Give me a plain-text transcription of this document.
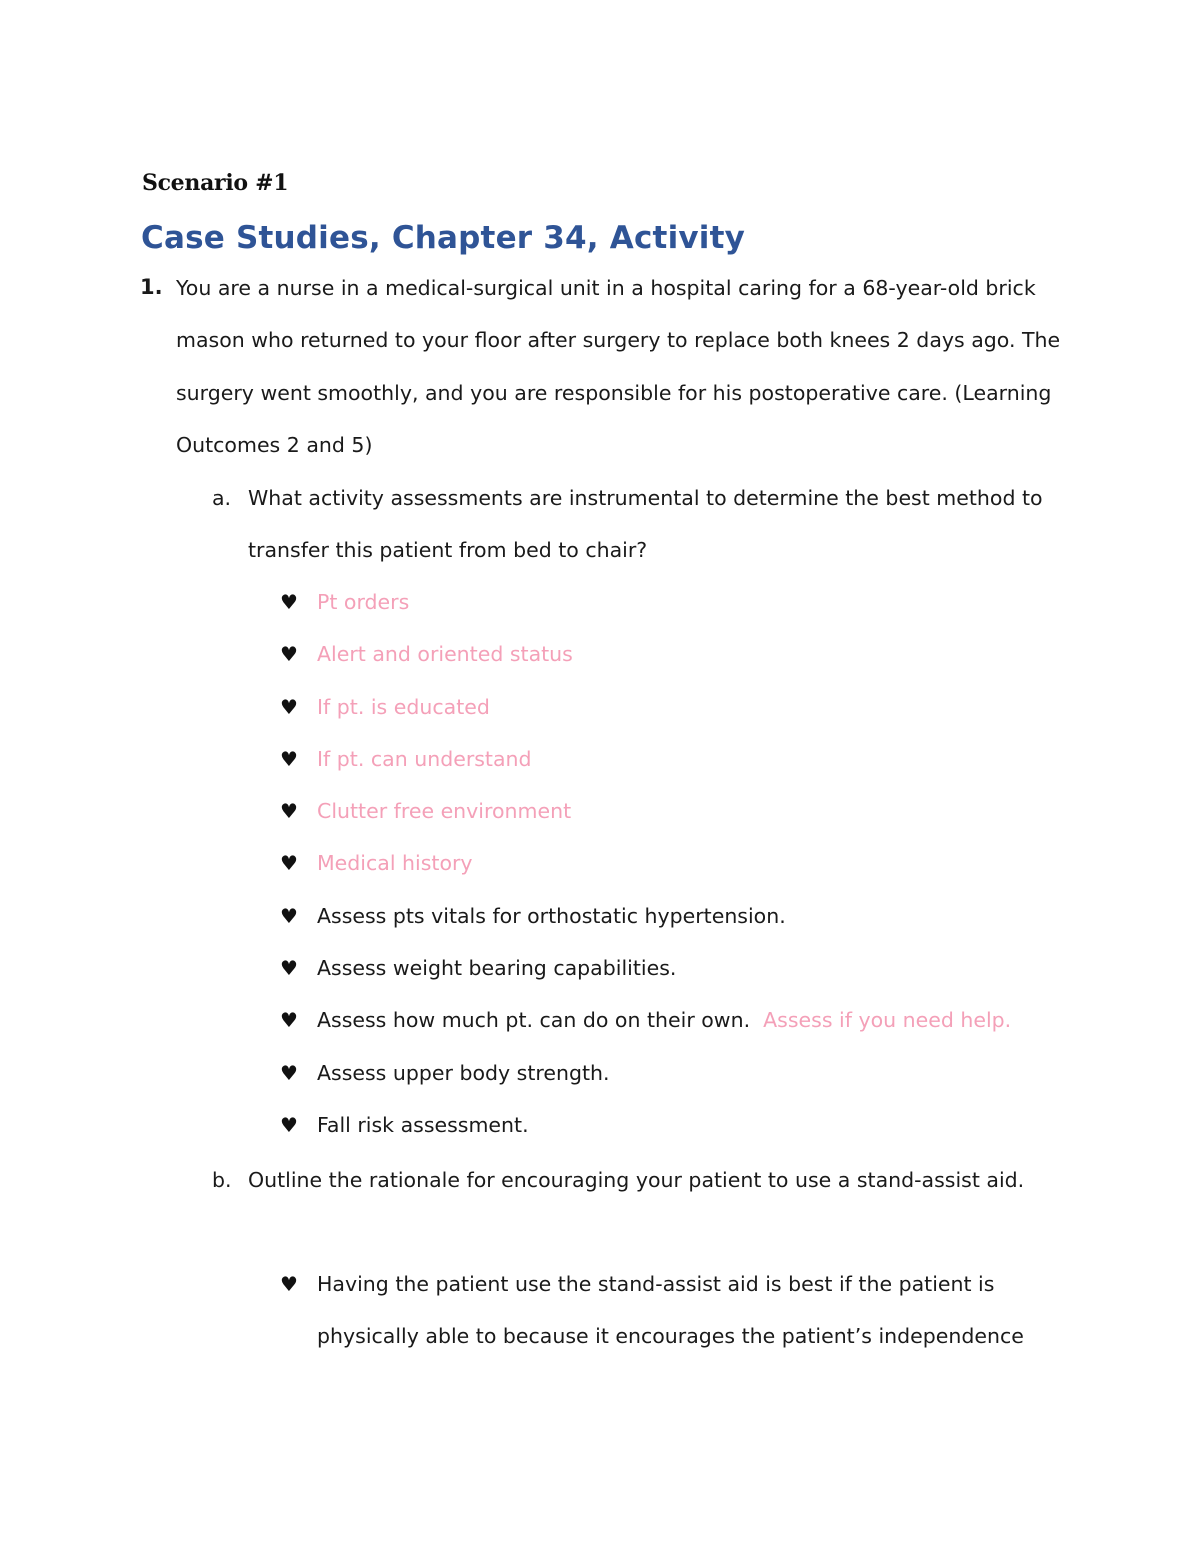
Scenario #1
Case Studies, Chapter 34, Activity
1. You are a nurse in a medical-surgical unit in a hospital caring for a 68-year-old brick mason who returned to your floor after surgery to replace both knees 2 days ago. The surgery went smoothly, and you are responsible for his postoperative care. (Learning Outcomes 2 and 5)
a. What activity assessments are instrumental to determine the best method to transfer this patient from bed to chair?
♥ Pt orders
♥ Alert and oriented status
♥ If pt. is educated
♥ If pt. can understand
♥ Clutter free environment
♥ Medical history
♥ Assess pts vitals for orthostatic hypertension.
♥ Assess weight bearing capabilities.
♥ Assess how much pt. can do on their own. Assess if you need help.
♥ Assess upper body strength.
♥ Fall risk assessment.
b. Outline the rationale for encouraging your patient to use a stand-assist aid.
♥ Having the patient use the stand-assist aid is best if the patient is physically able to because it encourages the patient’s independence
